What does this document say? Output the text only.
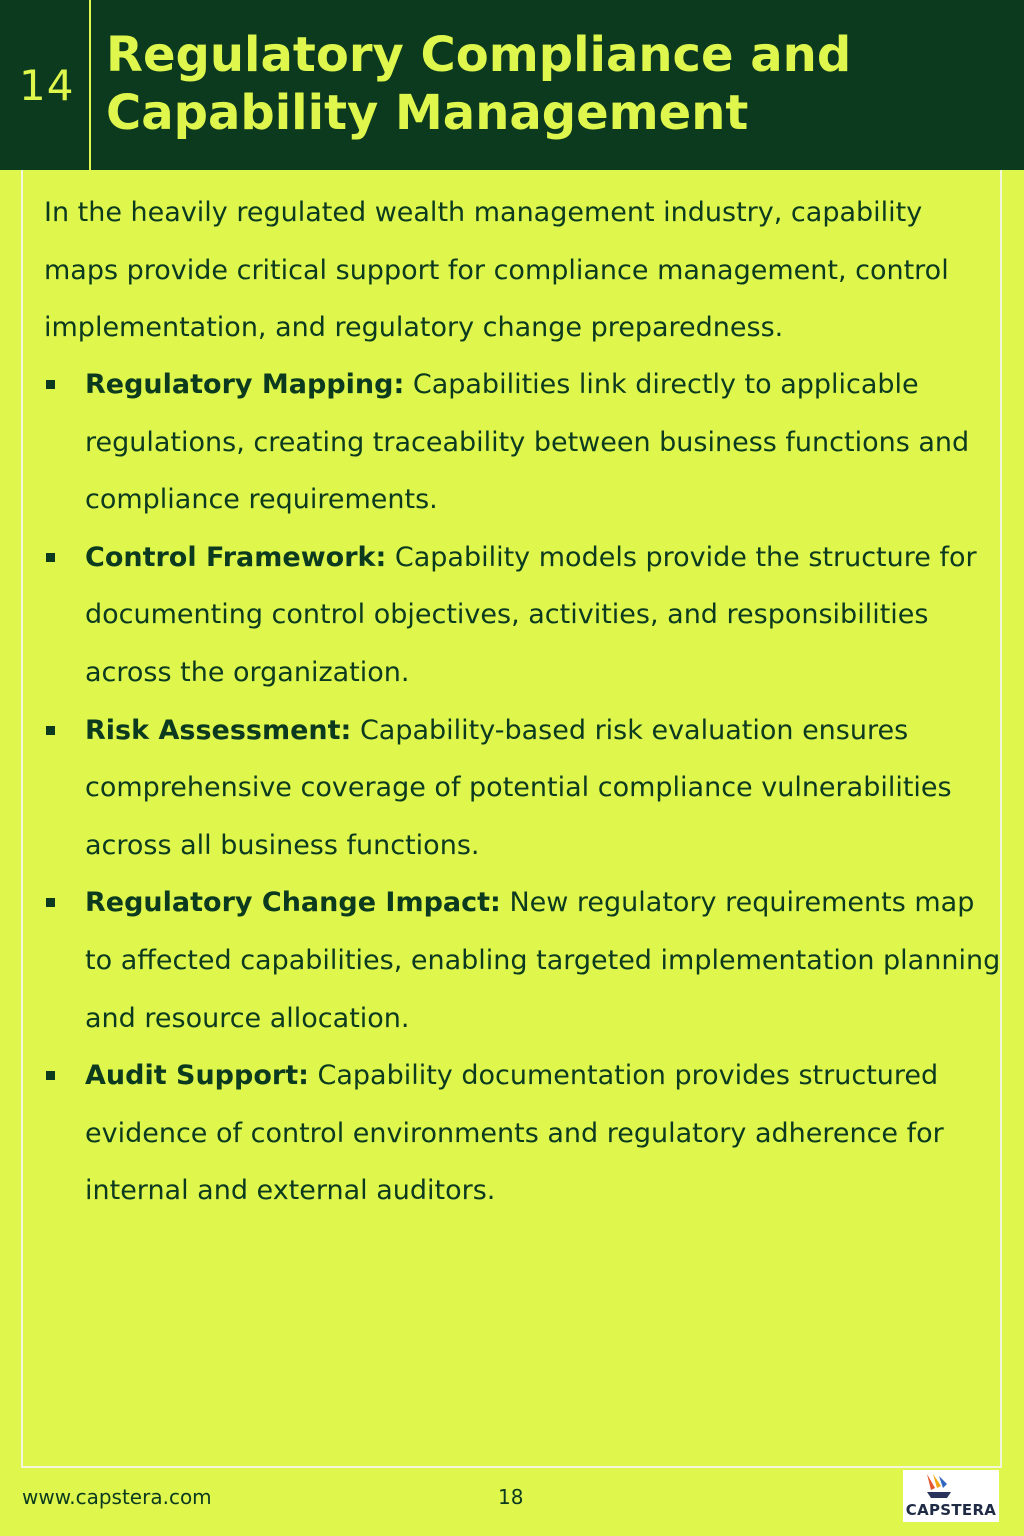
14
Regulatory Compliance and
Capability Management

In the heavily regulated wealth management industry, capability maps provide critical support for compliance management, control implementation, and regulatory change preparedness.

Regulatory Mapping: Capabilities link directly to applicable regulations, creating traceability between business functions and compliance requirements.
Control Framework: Capability models provide the structure for documenting control objectives, activities, and responsibilities across the organization.
Risk Assessment: Capability-based risk evaluation ensures comprehensive coverage of potential compliance vulnerabilities across all business functions.
Regulatory Change Impact: New regulatory requirements map to affected capabilities, enabling targeted implementation planning and resource allocation.
Audit Support: Capability documentation provides structured evidence of control environments and regulatory adherence for internal and external auditors.
www.capstera.com	18
CAPSTERA
